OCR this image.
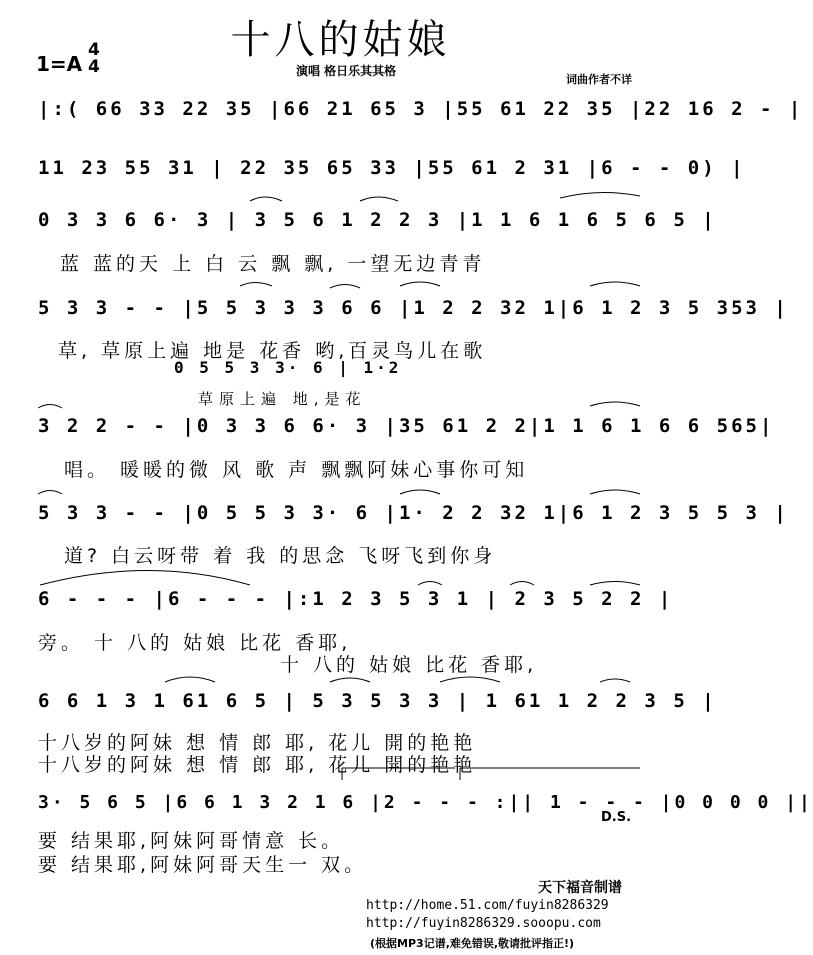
十八的姑娘
1=A
4
4	演唱 格日乐其其格
词曲作者不详
|:( 66 33 22 35 |66 21 65 3 |55 61 22 35 |22 16 2 - |
11 23 55 31 | 22 35 65 33 |55 61 2 31 |6 - - 0) |
0 3 3 6 6· 3 | 3 5 6 1 2 2 3 |1 1 6 1 6 5 6 5 |
蓝 蓝的天 上 白 云 飘 飘, 一望无边青青
5 3 3 - - |5 5 3 3 3 6 6 |1 2 2 32 1|6 1 2 3 5 353 |
草, 草原上遍 地是 花香 哟,百灵鸟儿在歌
0 5 5 3 3· 6 | 1·2
草原上遍 地,是花
3 2 2 - - |0 3 3 6 6· 3 |35 61 2 2|1 1 6 1 6 6 565|
唱。 暖暖的微 风 歌 声 飘飘阿妹心事你可知
5 3 3 - - |0 5 5 3 3· 6 |1· 2 2 32 1|6 1 2 3 5 5 3 |
道? 白云呀带 着 我 的思念 飞呀飞到你身
6 - - - |6 - - - |:1 2 3 5 3 1 | 2 3 5 2 2 |
旁。 十 八的 姑娘 比花 香耶,
十 八的 姑娘 比花 香耶,
6 6 1 3 1 61 6 5 | 5 3 5 3 3 | 1 61 1 2 2 3 5 |
十八岁的阿妹 想 情 郎 耶, 花儿 開的艳艳
十八岁的阿妹 想 情 郎 耶, 花儿 開的艳艳
3· 5 6 5 |6 6 1 3 2 1 6 |2 - - - :|| 1 - - - |0 0 0 0 ||
D.S.
要 结果耶,阿妹阿哥情意 长。
要 结果耶,阿妹阿哥天生一 双。
天下福音制谱
http://home.51.com/fuyin8286329
http://fuyin8286329.sooopu.com
(根据MP3记谱,难免错误,敬请批评指正!)
